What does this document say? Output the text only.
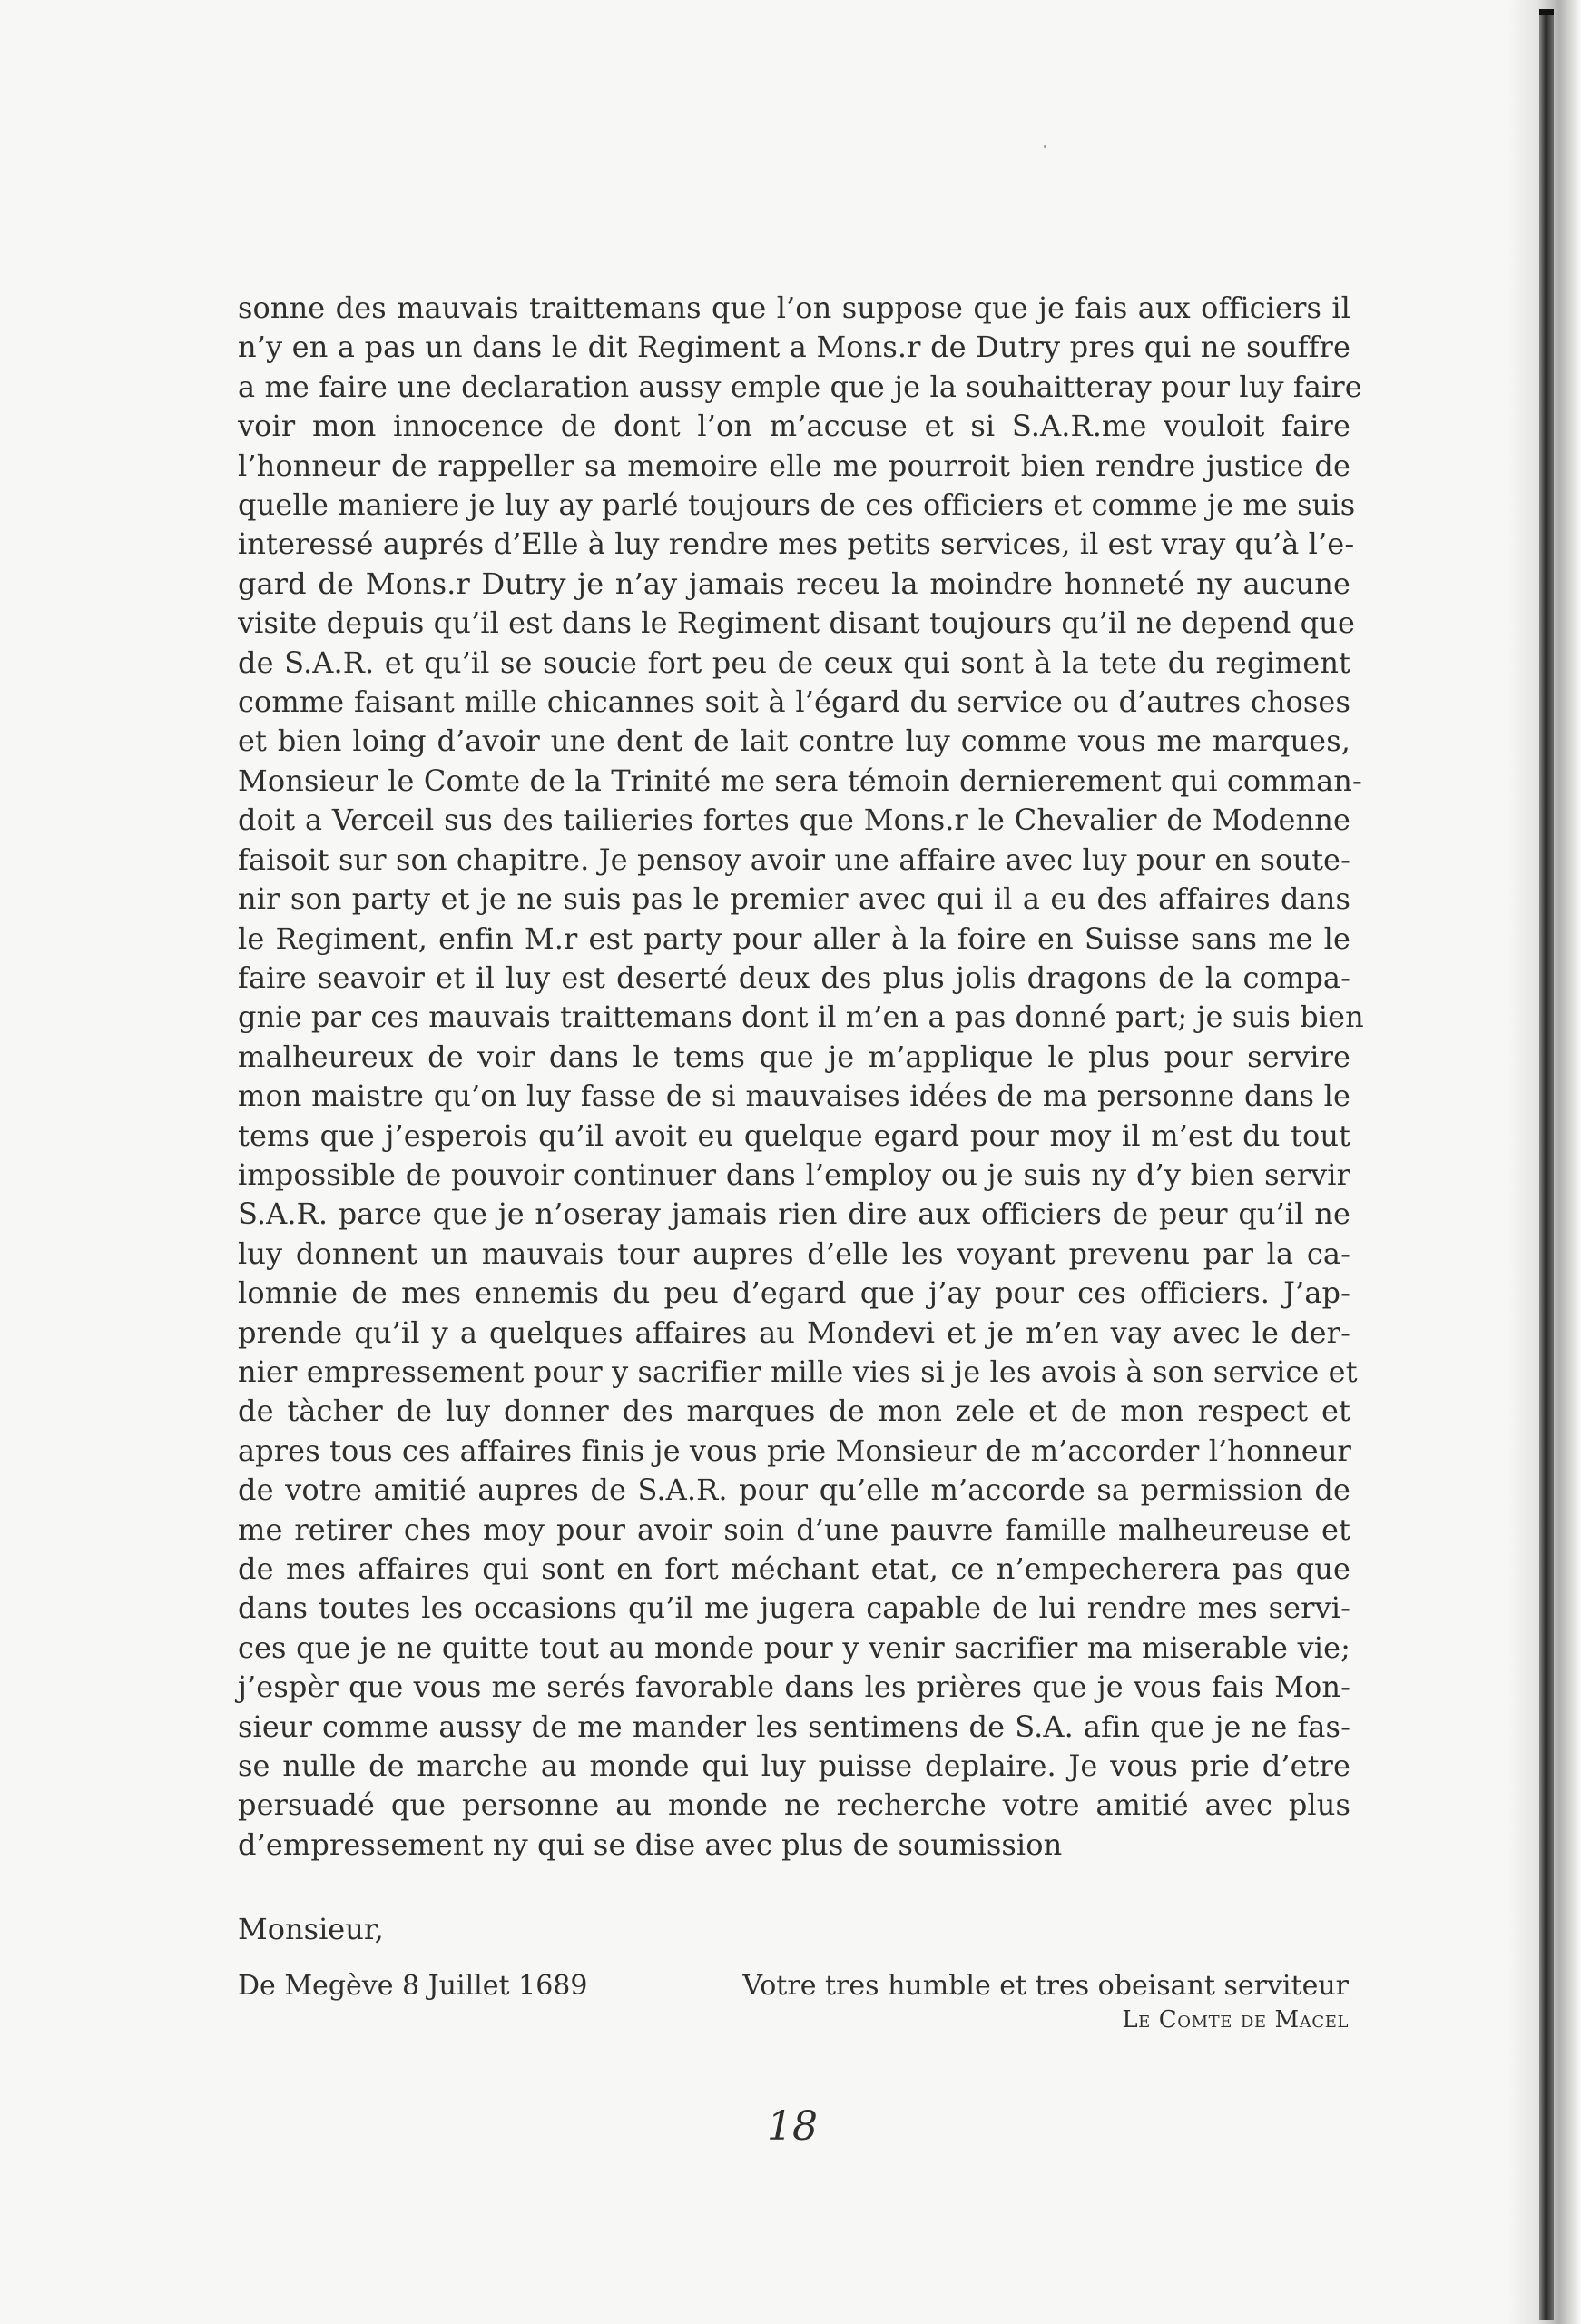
sonne des mauvais traittemans que l’on suppose que je fais aux officiers il
n’y en a pas un dans le dit Regiment a Mons.r de Dutry pres qui ne souffre
a me faire une declaration aussy emple que je la souhaitteray pour luy faire
voir mon innocence de dont l’on m’accuse et si S.A.R.me vouloit faire
l’honneur de rappeller sa memoire elle me pourroit bien rendre justice de
quelle maniere je luy ay parlé toujours de ces officiers et comme je me suis
interessé auprés d’Elle à luy rendre mes petits services, il est vray qu’à l’e-
gard de Mons.r Dutry je n’ay jamais receu la moindre honneté ny aucune
visite depuis qu’il est dans le Regiment disant toujours qu’il ne depend que
de S.A.R. et qu’il se soucie fort peu de ceux qui sont à la tete du regiment
comme faisant mille chicannes soit à l’égard du service ou d’autres choses
et bien loing d’avoir une dent de lait contre luy comme vous me marques,
Monsieur le Comte de la Trinité me sera témoin dernierement qui comman-
doit a Verceil sus des tailieries fortes que Mons.r le Chevalier de Modenne
faisoit sur son chapitre. Je pensoy avoir une affaire avec luy pour en soute-
nir son party et je ne suis pas le premier avec qui il a eu des affaires dans
le Regiment, enfin M.r est party pour aller à la foire en Suisse sans me le
faire seavoir et il luy est deserté deux des plus jolis dragons de la compa-
gnie par ces mauvais traittemans dont il m’en a pas donné part; je suis bien
malheureux de voir dans le tems que je m’applique le plus pour servire
mon maistre qu’on luy fasse de si mauvaises idées de ma personne dans le
tems que j’esperois qu’il avoit eu quelque egard pour moy il m’est du tout
impossible de pouvoir continuer dans l’employ ou je suis ny d’y bien servir
S.A.R. parce que je n’oseray jamais rien dire aux officiers de peur qu’il ne
luy donnent un mauvais tour aupres d’elle les voyant prevenu par la ca-
lomnie de mes ennemis du peu d’egard que j’ay pour ces officiers. J’ap-
prende qu’il y a quelques affaires au Mondevi et je m’en vay avec le der-
nier empressement pour y sacrifier mille vies si je les avois à son service et
de tàcher de luy donner des marques de mon zele et de mon respect et
apres tous ces affaires finis je vous prie Monsieur de m’accorder l’honneur
de votre amitié aupres de S.A.R. pour qu’elle m’accorde sa permission de
me retirer ches moy pour avoir soin d’une pauvre famille malheureuse et
de mes affaires qui sont en fort méchant etat, ce n’empecherera pas que
dans toutes les occasions qu’il me jugera capable de lui rendre mes servi-
ces que je ne quitte tout au monde pour y venir sacrifier ma miserable vie;
j’espèr que vous me serés favorable dans les prières que je vous fais Mon-
sieur comme aussy de me mander les sentimens de S.A. afin que je ne fas-
se nulle de marche au monde qui luy puisse deplaire. Je vous prie d’etre
persuadé que personne au monde ne recherche votre amitié avec plus
d’empressement ny qui se dise avec plus de soumission
Monsieur,
De Megève 8 Juillet 1689	Votre tres humble et tres obeisant serviteur
Le Comte de Macel
18
